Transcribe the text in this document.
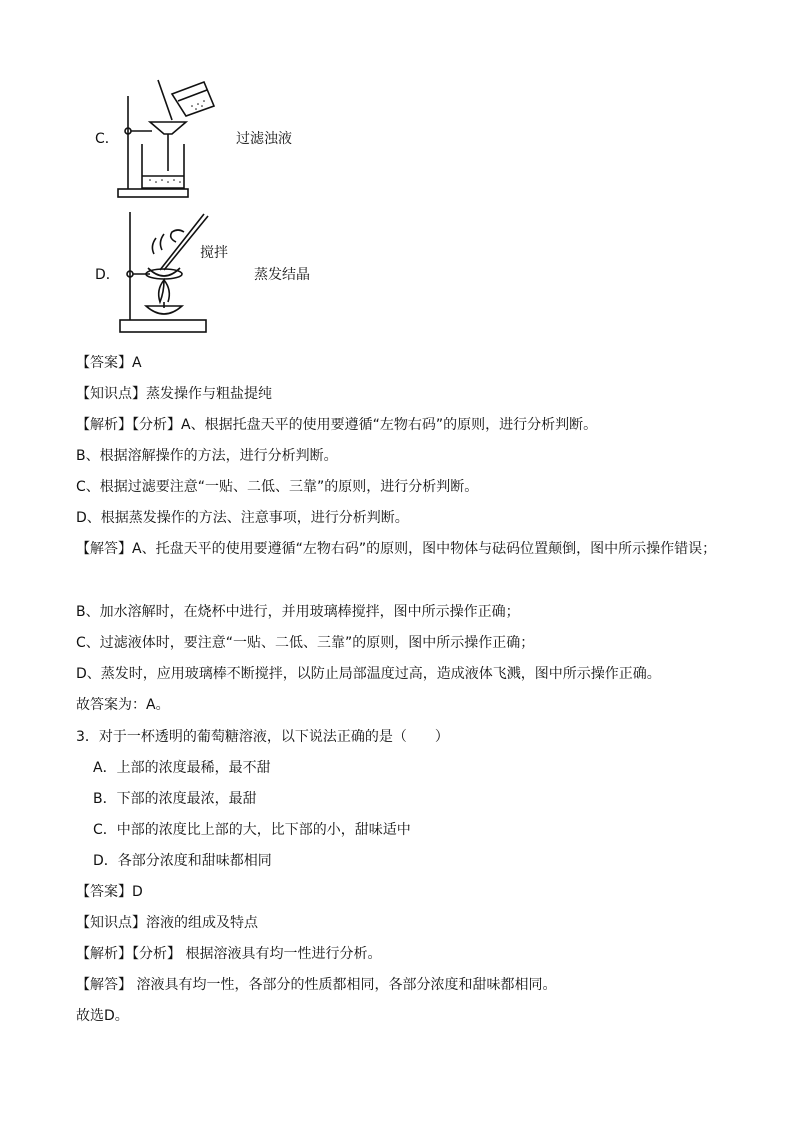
C．	过滤浊液
D．
搅拌
蒸发结晶
【答案】A
【知识点】蒸发操作与粗盐提纯
【解析】【分析】A、根据托盘天平的使用要遵循“左物右码”的原则，进行分析判断。
B、根据溶解操作的方法，进行分析判断。
C、根据过滤要注意“一贴、二低、三靠”的原则，进行分析判断。
D、根据蒸发操作的方法、注意事项，进行分析判断。
【解答】A、托盘天平的使用要遵循“左物右码”的原则，图中物体与砝码位置颠倒，图中所示操作错误；
B、加水溶解时，在烧杯中进行，并用玻璃棒搅拌，图中所示操作正确；
C、过滤液体时，要注意“一贴、二低、三靠”的原则，图中所示操作正确；
D、蒸发时，应用玻璃棒不断搅拌，以防止局部温度过高，造成液体飞溅，图中所示操作正确。
故答案为：A。
3．对于一杯透明的葡萄糖溶液，以下说法正确的是（　　）
A．上部的浓度最稀，最不甜
B．下部的浓度最浓，最甜
C．中部的浓度比上部的大，比下部的小，甜味适中
D．各部分浓度和甜味都相同
【答案】D
【知识点】溶液的组成及特点
【解析】【分析】 根据溶液具有均一性进行分析。
【解答】 溶液具有均一性，各部分的性质都相同，各部分浓度和甜味都相同。
故选D。
